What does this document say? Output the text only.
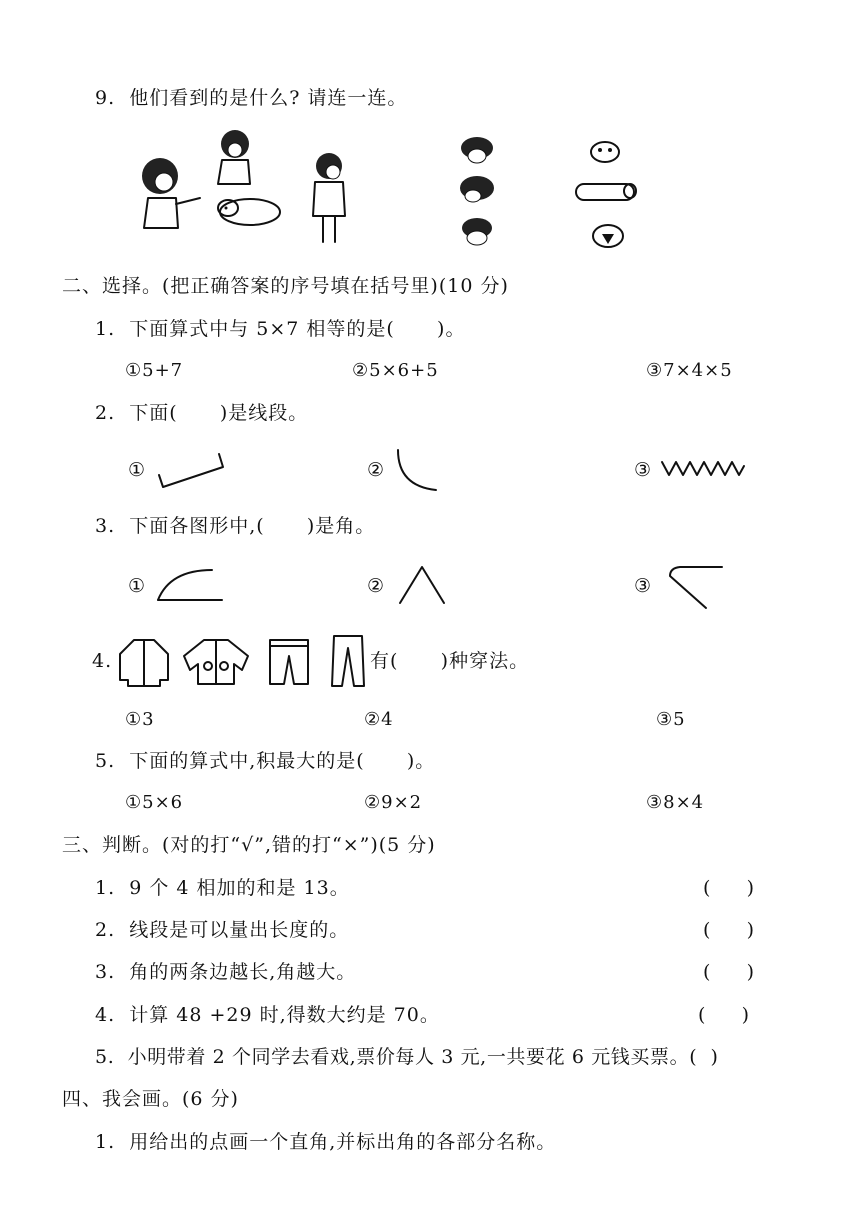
9.  他们看到的是什么? 请连一连。
二、选择。(把正确答案的序号填在括号里)(10 分)
1.  下面算式中与 5×7 相等的是(      )。
①5+7	②5×6+5	③7×4×5
2.  下面(      )是线段。
①	②	③
3.  下面各图形中,(      )是角。
①	②	③
4.	有(      )种穿法。
①3	②4	③5
5.  下面的算式中,积最大的是(      )。
①5×6	②9×2	③8×4
三、判断。(对的打“√”,错的打“×”)(5 分)
1.  9 个 4 相加的和是 13。	(      )
2.  线段是可以量出长度的。	(      )
3.  角的两条边越长,角越大。	(      )
4.  计算 48 +29 时,得数大约是 70。	(      )
5.  小明带着 2 个同学去看戏,票价每人 3 元,一共要花 6 元钱买票。(  )
四、我会画。(6 分)
1.  用给出的点画一个直角,并标出角的各部分名称。
